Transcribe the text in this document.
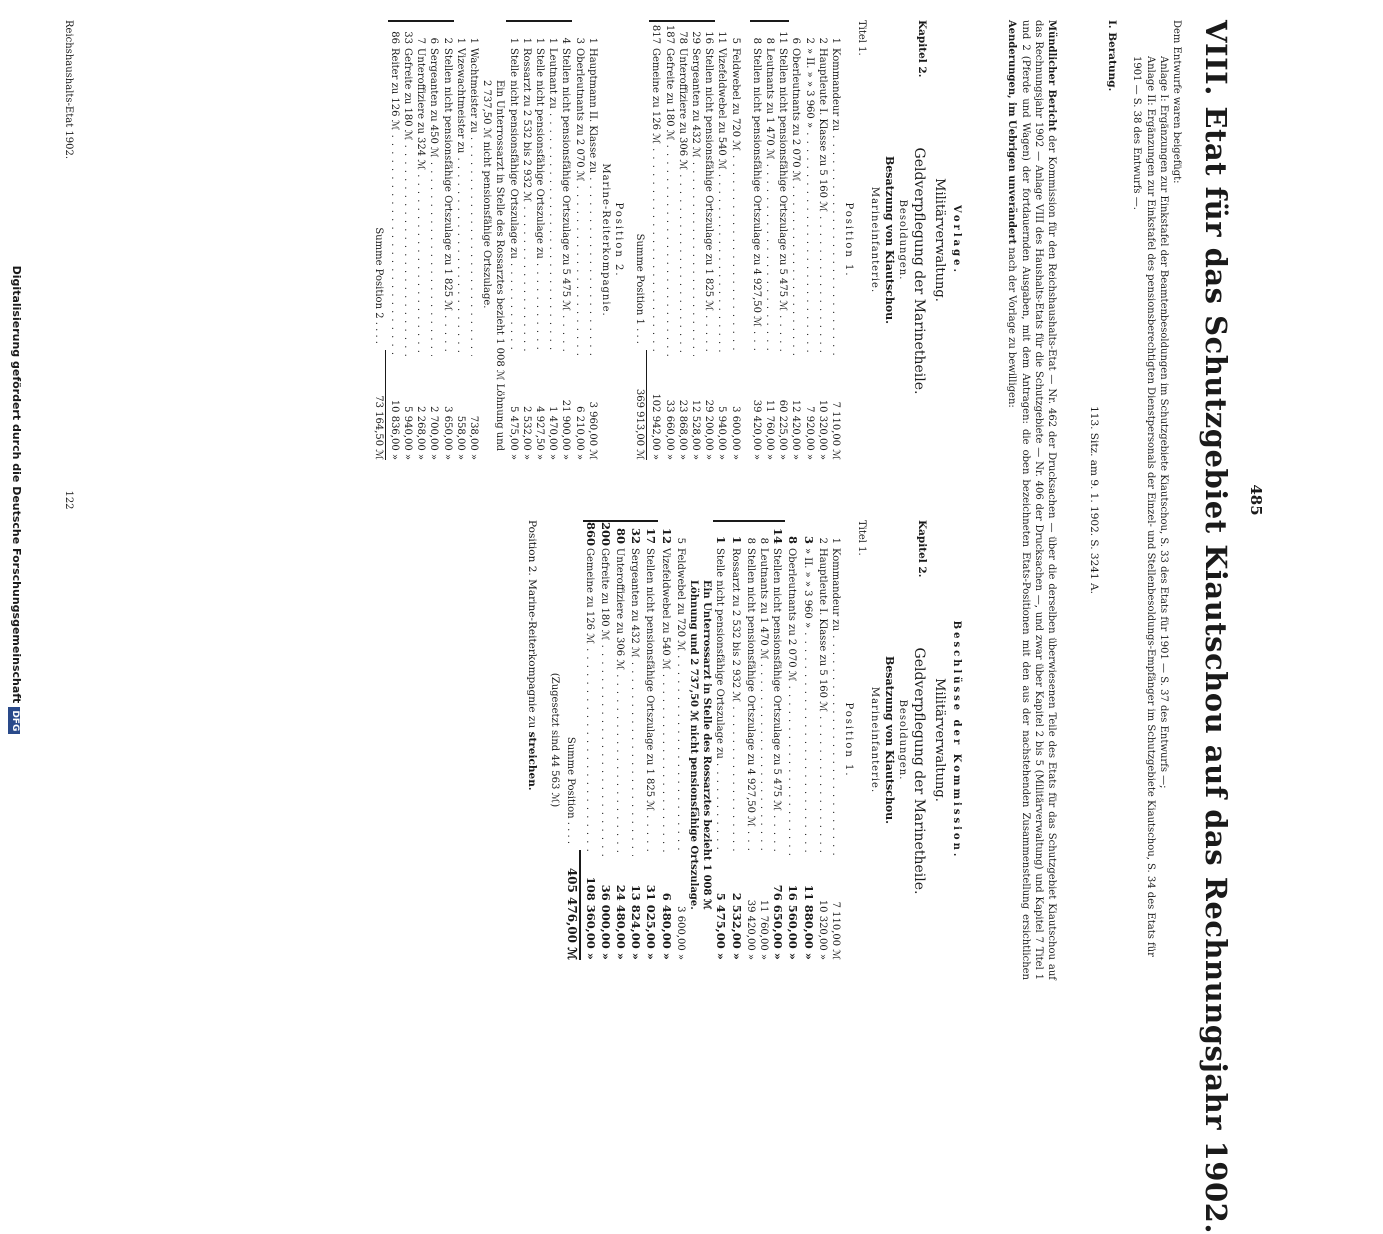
485
VIII. Etat für das Schutzgebiet Kiautschou auf das Rechnungsjahr 1902.

Dem Entwurfe waren beigefügt:

Anlage I: Ergänzungen zur Einkstafel der Beamtenbesoldungen im Schutzgebiete Kiautschou, S. 33 des Etats für 1901 — S. 37 des Entwurfs —;

Anlage II: Ergänzungen zur Einkstafel des pensionsberechtigten Dienstpersonals der Einzel- und Stellenbesoldungs-Empfänger im Schutzgebiete Kiautschou, S. 34 des Etats für 1901 — S. 38 des Entwurfs —.

I. Beratung.
113. Sitz. am 9. 1. 1902. S. 3241 A.

Mündlicher Bericht der Kommission für den Reichshaushalts-Etat — Nr. 462 der Drucksachen — über die derselben überwiesenen Teile des Etats für das Schutzgebiet Kiautschou auf das Rechnungsjahr 1902 — Anlage VIII des Haushalts-Etats für die Schutzgebiete — Nr. 406 der Drucksachen —, und zwar über Kapitel 2 bis 5 (Militärverwaltung) und Kapitel 7 Titel 1 und 2 (Pferde und Wagen) der fortdauernden Ausgaben, mit dem Antragen: die oben bezeichneten Etats-Positionen mit den aus der nachstehenden Zusammenstellung ersichtlichen Aenderungen, im Uebrigen unverändert nach der Vorlage zu bewilligen:

Vorlage.
Militärverwaltung.
Kapitel 2.
Geldverpflegung der Marinetheile.
Besoldungen.
Besatzung von Kiautschou.
Marineinfanterie.
Titel 1.
Position 1.
1
Kommandeur zu . . .
7 110,00 ℳ
2
Hauptleute I. Klasse zu 5 160 ℳ . . .
10 320,00 »
2
» II. » » 3 960 » . . .
7 920,00 »
6
Oberleutnants zu 2 070 ℳ . . .
12 420,00 »
11
Stellen nicht pensionsfähige Ortszulage zu 5 475 ℳ . . .
60 225,00 »
8
Leutnants zu 1 470 ℳ . . .
11 760,00 »
8
Stellen nicht pensionsfähige Ortszulage zu 4 927,50 ℳ . . .
39 420,00 »
5
Feldwebel zu 720 ℳ . . .
3 600,00 »
11
Vizefeldwebel zu 540 ℳ . . .
5 940,00 »
16
Stellen nicht pensionsfähige Ortszulage zu 1 825 ℳ . . .
29 200,00 »
29
Sergeanten zu 432 ℳ . . .
12 528,00 »
78
Unteroffiziere zu 306 ℳ . . .
23 868,00 »
187
Gefreite zu 180 ℳ . . .
33 660,00 »
817
Gemeine zu 126 ℳ . . .
102 942,00 »
Summe Position 1 . . .
369 913,00 ℳ
Position 2.
Marine-Reiterkompagnie.
1
Hauptmann II. Klasse zu . . .
3 960,00 ℳ
3
Oberleutnants zu 2 070 ℳ . . .
6 210,00 »
4
Stellen nicht pensionsfähige Ortszulage zu 5 475 ℳ . . .
21 900,00 »
1
Leutnant zu . . .
1 470,00 »
1
Stelle nicht pensionsfähige Ortszulage zu . . .
4 927,50 »
1
Rossarzt zu 2 532 bis 2 932 ℳ . . .
2 532,00 »
1
Stelle nicht pensionsfähige Ortszulage zu . . .
5 475,00 »
Ein Unterrossarzt in Stelle des Rossarztes bezieht 1 008 ℳ Löhnung und 2 737,50 ℳ nicht pensionsfähige Ortszulage.
1
Wachtmeister zu . . .
738,00 »
1
Vizewachtmeister zu . . .
558,00 »
2
Stellen nicht pensionsfähige Ortszulage zu 1 825 ℳ . . .
3 650,00 »
6
Sergeanten zu 450 ℳ . . .
2 700,00 »
7
Unteroffiziere zu 324 ℳ . . .
2 268,00 »
33
Gefreite zu 180 ℳ . . .
5 940,00 »
86
Reiter zu 126 ℳ . . .
10 836,00 »
Summe Position 2 . . . .
73 164,50 ℳ
Beschlüsse der Kommission.
Militärverwaltung.
Kapitel 2.
Geldverpflegung der Marinetheile.
Besoldungen.
Besatzung von Kiautschou.
Marineinfanterie.
Titel 1.
Position 1.
1
Kommandeur zu . . .
7 110,00 ℳ
2
Hauptleute I. Klasse zu 5 160 ℳ . . .
10 320,00 »
3
» II. » » 3 960 » . . .
11 880,00 »
8
Oberleutnants zu 2 070 ℳ . . .
16 560,00 »
14
Stellen nicht pensionsfähige Ortszulage zu 5 475 ℳ . . .
76 650,00 »
8
Leutnants zu 1 470 ℳ . . .
11 760,00 »
8
Stellen nicht pensionsfähige Ortszulage zu 4 927,50 ℳ . . .
39 420,00 »
1
Rossarzt zu 2 532 bis 2 932 ℳ . . .
2 532,00 »
1
Stelle nicht pensionsfähige Ortszulage zu . . .
5 475,00 »
Ein Unterrossarzt in Stelle des Rossarztes bezieht 1 008 ℳ Löhnung und 2 737,50 ℳ nicht pensionsfähige Ortszulage.
5
Feldwebel zu 720 ℳ . . .
3 600,00 »
12
Vizefeldwebel zu 540 ℳ . . .
6 480,00 »
17
Stellen nicht pensionsfähige Ortszulage zu 1 825 ℳ . . .
31 025,00 »
32
Sergeanten zu 432 ℳ . . .
13 824,00 »
80
Unteroffiziere zu 306 ℳ . . .
24 480,00 »
200
Gefreite zu 180 ℳ . . .
36 000,00 »
860
Gemeine zu 126 ℳ . . .
108 360,00 »
Summe Position . . . .
405 476,00 ℳ
(Zugesetzt sind 44 563 ℳ)
Position 2. Marine-Reiterkompagnie zu streichen.
Reichshaushalts-Etat 1902.
122
Digitalisierung gefördert durch die Deutsche ForschungsgemeinschaftDFG
